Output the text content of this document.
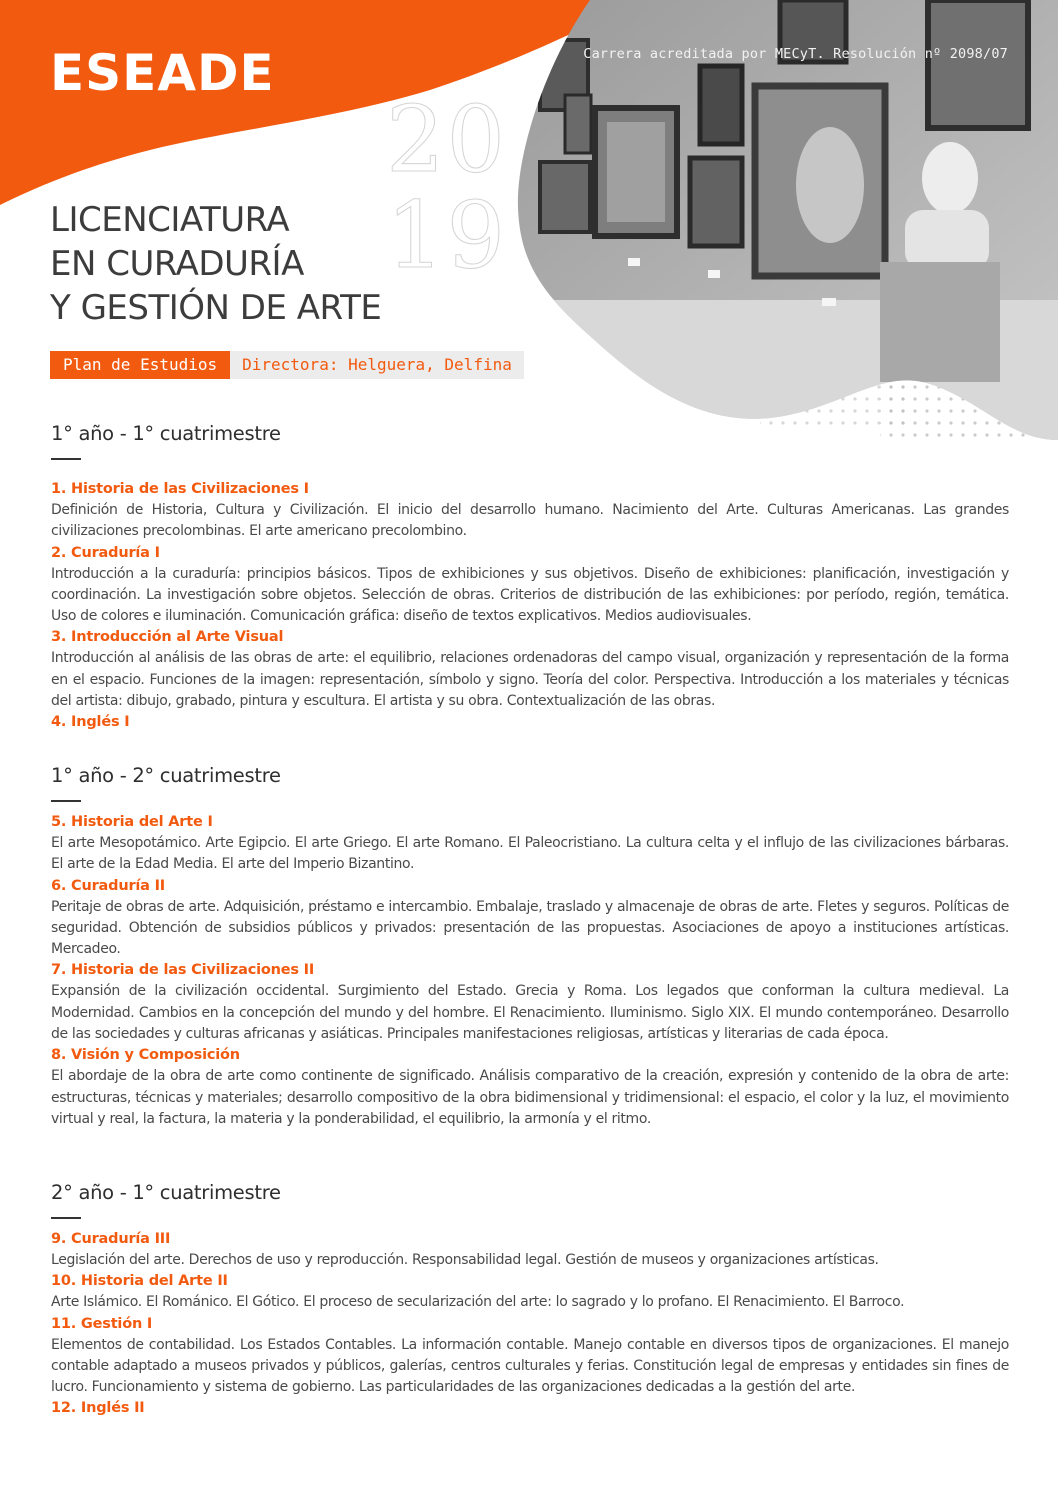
ESEADE	Carrera acreditada por MECyT. Resolución nº 2098/07
20
19
LICENCIATURA
EN CURADURÍA
Y GESTIÓN DE ARTE
Plan de Estudios	Directora: Helguera, Delfina
1° año - 1° cuatrimestre
1. Historia de las Civilizaciones I
Definición de Historia, Cultura y Civilización. El inicio del desarrollo humano. Nacimiento del Arte. Culturas Americanas. Las grandes civilizaciones precolombinas. El arte americano precolombino.
2. Curaduría I
Introducción a la curaduría: principios básicos. Tipos de exhibiciones y sus objetivos. Diseño de exhibiciones: planificación, investigación y coordinación. La investigación sobre objetos. Selección de obras. Criterios de distribución de las exhibiciones: por período, región, temática. Uso de colores e iluminación. Comunicación gráfica: diseño de textos explicativos. Medios audiovisuales.
3. Introducción al Arte Visual
Introducción al análisis de las obras de arte: el equilibrio, relaciones ordenadoras del campo visual, organización y representación de la forma en el espacio. Funciones de la imagen: representación, símbolo y signo. Teoría del color. Perspectiva. Introducción a los materiales y técnicas del artista: dibujo, grabado, pintura y escultura. El artista y su obra. Contextualización de las obras.
4. Inglés I
1° año - 2° cuatrimestre
5. Historia del Arte I
El arte Mesopotámico. Arte Egipcio. El arte Griego. El arte Romano. El Paleocristiano. La cultura celta y el influjo de las civilizaciones bárbaras. El arte de la Edad Media. El arte del Imperio Bizantino.
6. Curaduría II
Peritaje de obras de arte. Adquisición, préstamo e intercambio. Embalaje, traslado y almacenaje de obras de arte. Fletes y seguros. Políticas de seguridad. Obtención de subsidios públicos y privados: presentación de las propuestas. Asociaciones de apoyo a instituciones artísticas. Mercadeo.
7. Historia de las Civilizaciones II
Expansión de la civilización occidental. Surgimiento del Estado. Grecia y Roma. Los legados que conforman la cultura medieval. La Modernidad. Cambios en la concepción del mundo y del hombre. El Renacimiento. Iluminismo. Siglo XIX. El mundo contemporáneo. Desarrollo de las sociedades y culturas africanas y asiáticas. Principales manifestaciones religiosas, artísticas y literarias de cada época.
8. Visión y Composición
El abordaje de la obra de arte como continente de significado. Análisis comparativo de la creación, expresión y contenido de la obra de arte: estructuras, técnicas y materiales; desarrollo compositivo de la obra bidimensional y tridimensional: el espacio, el color y la luz, el movimiento virtual y real, la factura, la materia y la ponderabilidad, el equilibrio, la armonía y el ritmo.
2° año - 1° cuatrimestre
9. Curaduría III
Legislación del arte. Derechos de uso y reproducción. Responsabilidad legal. Gestión de museos y organizaciones artísticas.
10. Historia del Arte II
Arte Islámico. El Románico. El Gótico. El proceso de secularización del arte: lo sagrado y lo profano. El Renacimiento. El Barroco.
11. Gestión I
Elementos de contabilidad. Los Estados Contables. La información contable. Manejo contable en diversos tipos de organizaciones. El manejo contable adaptado a museos privados y públicos, galerías, centros culturales y ferias. Constitución legal de empresas y entidades sin fines de lucro. Funcionamiento y sistema de gobierno. Las particularidades de las organizaciones dedicadas a la gestión del arte.
12. Inglés II
